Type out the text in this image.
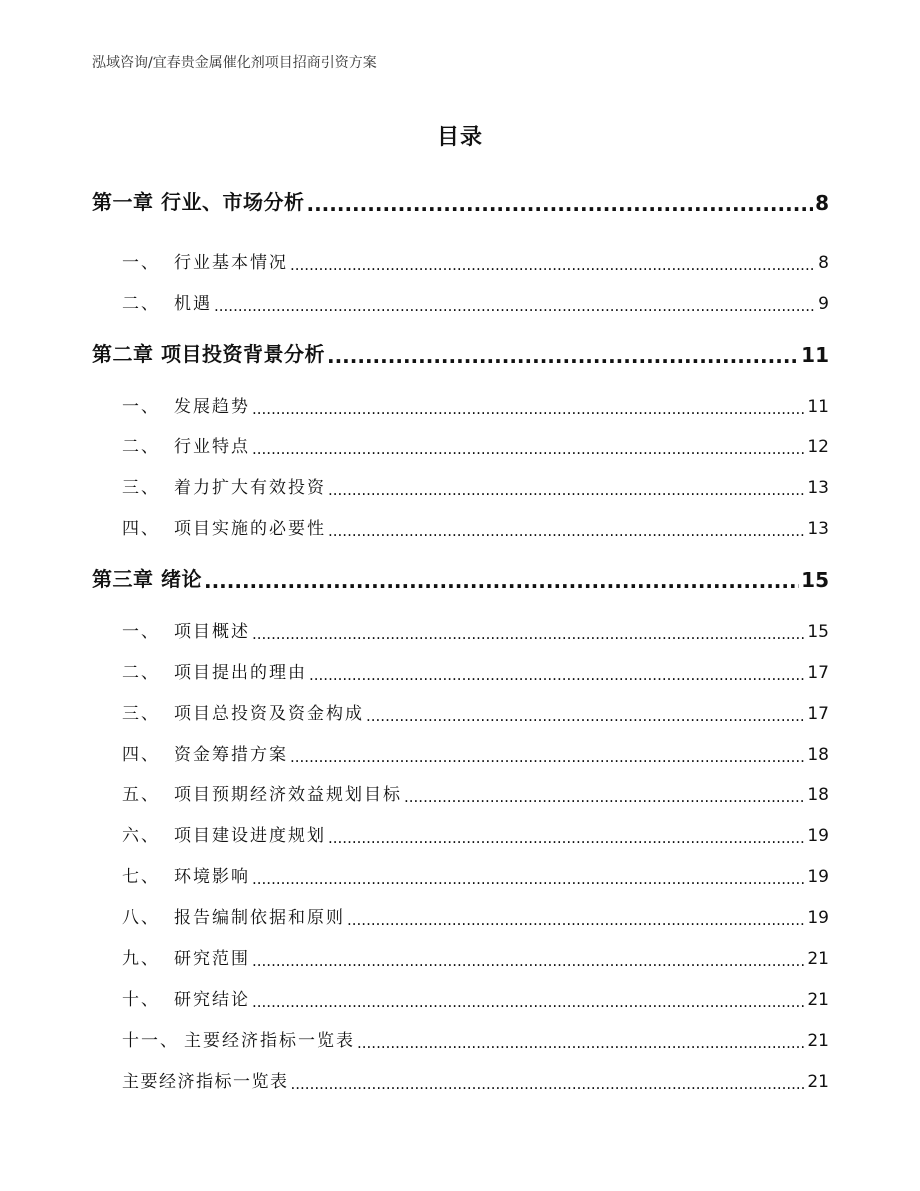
泓域咨询/宜春贵金属催化剂项目招商引资方案
目录
第一章 行业、市场分析 .....	8
一、 行业基本情况 .....	8
二、 机遇 .....	9
第二章 项目投资背景分析 .....	11
一、 发展趋势 .....	11
二、 行业特点 .....	12
三、 着力扩大有效投资 .....	13
四、 项目实施的必要性 .....	13
第三章 绪论 .....	15
一、 项目概述 .....	15
二、 项目提出的理由 .....	17
三、 项目总投资及资金构成 .....	17
四、 资金筹措方案 .....	18
五、 项目预期经济效益规划目标 .....	18
六、 项目建设进度规划 .....	19
七、 环境影响 .....	19
八、 报告编制依据和原则 .....	19
九、 研究范围 .....	21
十、 研究结论 .....	21
十一、 主要经济指标一览表 .....	21
主要经济指标一览表 .....	21
